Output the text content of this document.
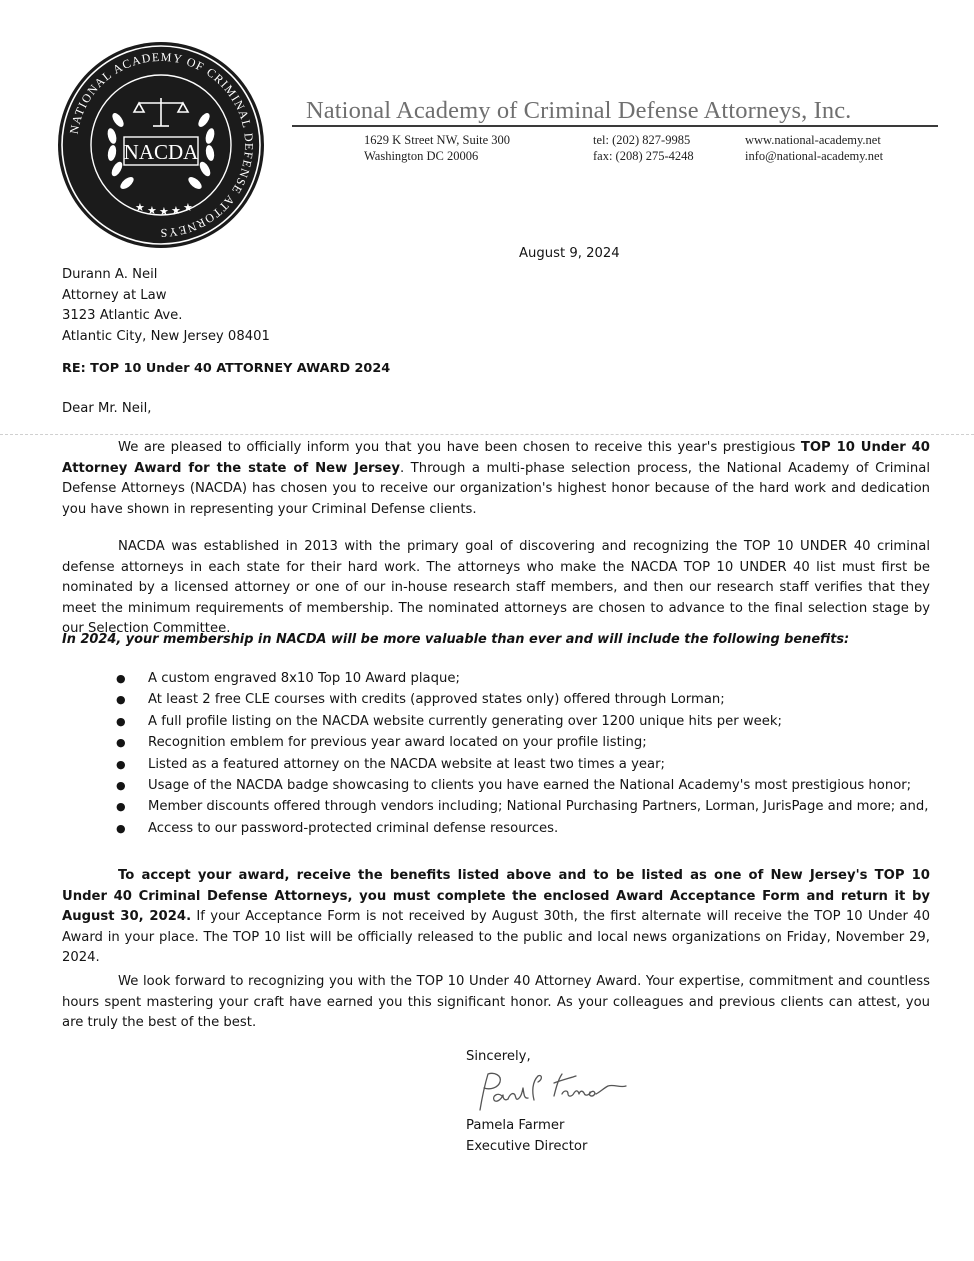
NATIONAL ACADEMY OF CRIMINAL DEFENSE ATTORNEYS
NACDA
★ ★ ★ ★ ★
National Academy of Criminal Defense Attorneys, Inc.
1629 K Street NW, Suite 300
Washington DC 20006
tel: (202) 827-9985
fax: (208) 275-4248
www.national-academy.net
info@national-academy.net
August 9, 2024
Durann A. Neil
Attorney at Law
3123 Atlantic Ave.
Atlantic City, New Jersey 08401
RE: TOP 10 Under 40 ATTORNEY AWARD 2024
Dear Mr. Neil,
We are pleased to officially inform you that you have been chosen to receive this year's prestigious TOP 10 Under 40 Attorney Award for the state of New Jersey. Through a multi-phase selection process, the National Academy of Criminal Defense Attorneys (NACDA) has chosen you to receive our organization's highest honor because of the hard work and dedication you have shown in representing your Criminal Defense clients.
NACDA was established in 2013 with the primary goal of discovering and recognizing the TOP 10 UNDER 40 criminal defense attorneys in each state for their hard work. The attorneys who make the NACDA TOP 10 UNDER 40 list must first be nominated by a licensed attorney or one of our in-house research staff members, and then our research staff verifies that they meet the minimum requirements of membership. The nominated attorneys are chosen to advance to the final selection stage by our Selection Committee.
In 2024, your membership in NACDA will be more valuable than ever and will include the following benefits:
● A custom engraved 8x10 Top 10 Award plaque;
● At least 2 free CLE courses with credits (approved states only) offered through Lorman;
● A full profile listing on the NACDA website currently generating over 1200 unique hits per week;
● Recognition emblem for previous year award located on your profile listing;
● Listed as a featured attorney on the NACDA website at least two times a year;
● Usage of the NACDA badge showcasing to clients you have earned the National Academy's most prestigious honor;
● Member discounts offered through vendors including; National Purchasing Partners, Lorman, JurisPage and more; and,
● Access to our password-protected criminal defense resources.
To accept your award, receive the benefits listed above and to be listed as one of New Jersey's TOP 10 Under 40 Criminal Defense Attorneys, you must complete the enclosed Award Acceptance Form and return it by August 30, 2024. If your Acceptance Form is not received by August 30th, the first alternate will receive the TOP 10 Under 40 Award in your place. The TOP 10 list will be officially released to the public and local news organizations on Friday, November 29, 2024.
We look forward to recognizing you with the TOP 10 Under 40 Attorney Award. Your expertise, commitment and countless hours spent mastering your craft have earned you this significant honor. As your colleagues and previous clients can attest, you are truly the best of the best.
Sincerely,
Pamela Farmer
Executive Director
